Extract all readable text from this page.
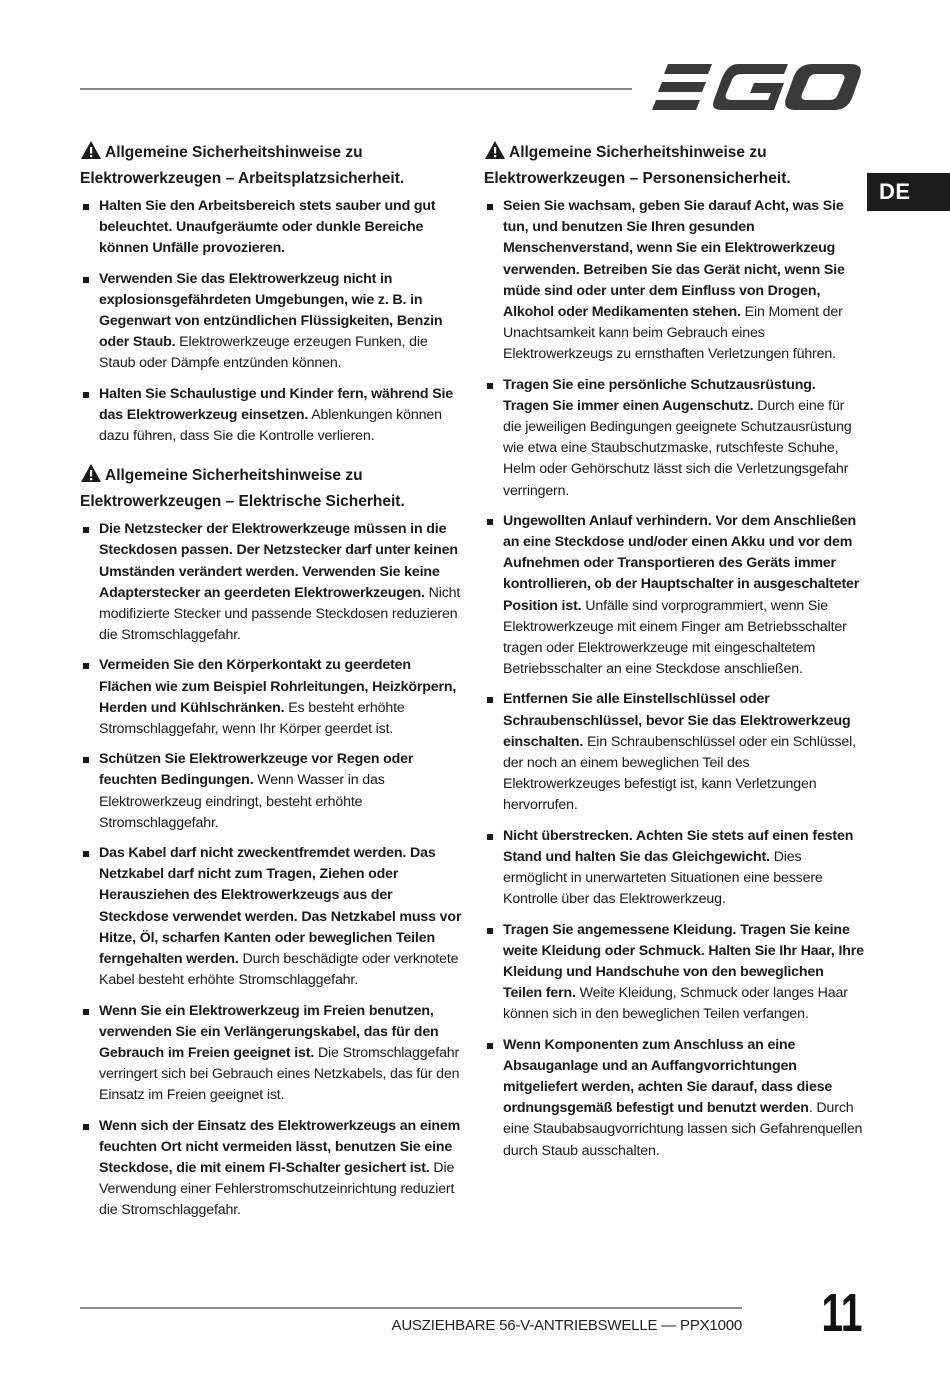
DE
Allgemeine Sicherheitshinweise zu
Elektrowerkzeugen – Arbeitsplatzsicherheit.
Halten Sie den Arbeitsbereich stets sauber und gut beleuchtet. Unaufgeräumte oder dunkle Bereiche können Unfälle provozieren.
Verwenden Sie das Elektrowerkzeug nicht in explosionsgefährdeten Umgebungen, wie z. B. in Gegenwart von entzündlichen Flüssigkeiten, Benzin oder Staub. Elektrowerkzeuge erzeugen Funken, die Staub oder Dämpfe entzünden können.
Halten Sie Schaulustige und Kinder fern, während Sie das Elektrowerkzeug einsetzen. Ablenkungen können dazu führen, dass Sie die Kontrolle verlieren.
Allgemeine Sicherheitshinweise zu
Elektrowerkzeugen – Elektrische Sicherheit.
Die Netzstecker der Elektrowerkzeuge müssen in die Steckdosen passen. Der Netzstecker darf unter keinen Umständen verändert werden. Verwenden Sie keine Adapterstecker an geerdeten Elektrowerkzeugen. Nicht modifizierte Stecker und passende Steckdosen reduzieren die Stromschlaggefahr.
Vermeiden Sie den Körperkontakt zu geerdeten Flächen wie zum Beispiel Rohrleitungen, Heizkörpern, Herden und Kühlschränken. Es besteht erhöhte Stromschlaggefahr, wenn Ihr Körper geerdet ist.
Schützen Sie Elektrowerkzeuge vor Regen oder feuchten Bedingungen. Wenn Wasser in das Elektrowerkzeug eindringt, besteht erhöhte Stromschlaggefahr.
Das Kabel darf nicht zweckentfremdet werden. Das Netzkabel darf nicht zum Tragen, Ziehen oder Herausziehen des Elektrowerkzeugs aus der Steckdose verwendet werden. Das Netzkabel muss vor Hitze, Öl, scharfen Kanten oder beweglichen Teilen ferngehalten werden. Durch beschädigte oder verknotete Kabel besteht erhöhte Stromschlaggefahr.
Wenn Sie ein Elektrowerkzeug im Freien benutzen, verwenden Sie ein Verlängerungskabel, das für den Gebrauch im Freien geeignet ist. Die Stromschlaggefahr verringert sich bei Gebrauch eines Netzkabels, das für den Einsatz im Freien geeignet ist.
Wenn sich der Einsatz des Elektrowerkzeugs an einem feuchten Ort nicht vermeiden lässt, benutzen Sie eine Steckdose, die mit einem FI-Schalter gesichert ist. Die Verwendung einer Fehlerstromschutzeinrichtung reduziert die Stromschlaggefahr.
Allgemeine Sicherheitshinweise zu
Elektrowerkzeugen – Personensicherheit.
Seien Sie wachsam, geben Sie darauf Acht, was Sie tun, und benutzen Sie Ihren gesunden Menschenverstand, wenn Sie ein Elektrowerkzeug verwenden. Betreiben Sie das Gerät nicht, wenn Sie müde sind oder unter dem Einfluss von Drogen, Alkohol oder Medikamenten stehen. Ein Moment der Unachtsamkeit kann beim Gebrauch eines Elektrowerkzeugs zu ernsthaften Verletzungen führen.
Tragen Sie eine persönliche Schutzausrüstung. Tragen Sie immer einen Augenschutz. Durch eine für die jeweiligen Bedingungen geeignete Schutzausrüstung wie etwa eine Staubschutzmaske, rutschfeste Schuhe, Helm oder Gehörschutz lässt sich die Verletzungsgefahr verringern.
Ungewollten Anlauf verhindern. Vor dem Anschließen an eine Steckdose und/oder einen Akku und vor dem Aufnehmen oder Transportieren des Geräts immer kontrollieren, ob der Hauptschalter in ausgeschalteter Position ist. Unfälle sind vorprogrammiert, wenn Sie Elektrowerkzeuge mit einem Finger am Betriebsschalter tragen oder Elektrowerkzeuge mit eingeschaltetem Betriebsschalter an eine Steckdose anschließen.
Entfernen Sie alle Einstellschlüssel oder Schraubenschlüssel, bevor Sie das Elektrowerkzeug einschalten. Ein Schraubenschlüssel oder ein Schlüssel, der noch an einem beweglichen Teil des Elektrowerkzeuges befestigt ist, kann Verletzungen hervorrufen.
Nicht überstrecken. Achten Sie stets auf einen festen Stand und halten Sie das Gleichgewicht. Dies ermöglicht in unerwarteten Situationen eine bessere Kontrolle über das Elektrowerkzeug.
Tragen Sie angemessene Kleidung. Tragen Sie keine weite Kleidung oder Schmuck. Halten Sie Ihr Haar, Ihre Kleidung und Handschuhe von den beweglichen Teilen fern. Weite Kleidung, Schmuck oder langes Haar können sich in den beweglichen Teilen verfangen.
Wenn Komponenten zum Anschluss an eine Absauganlage und an Auffangvorrichtungen mitgeliefert werden, achten Sie darauf, dass diese ordnungsgemäß befestigt und benutzt werden. Durch eine Staubabsaugvorrichtung lassen sich Gefahrenquellen durch Staub ausschalten.
AUSZIEHBARE 56-V-ANTRIEBSWELLE — PPX1000 11
